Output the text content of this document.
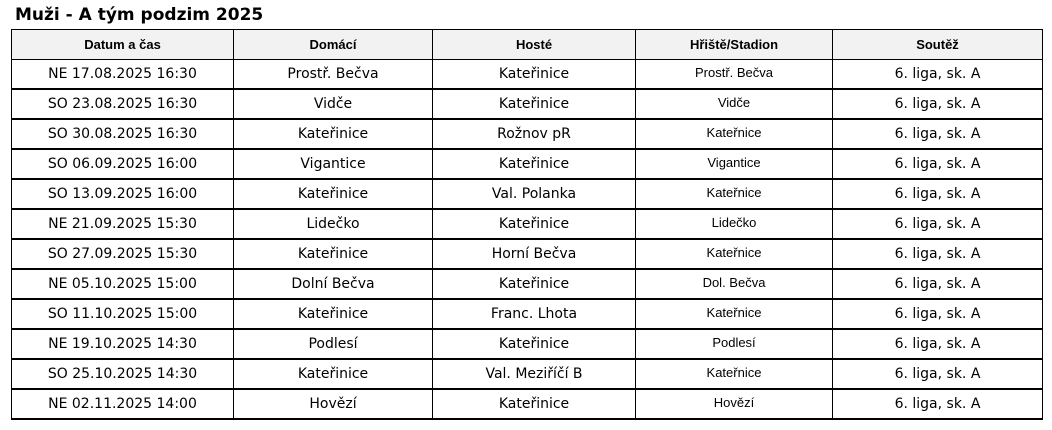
Muži - A tým podzim 2025
Datum a čas	Domácí	Hosté	Hřiště/Stadion	Soutěž
NE 17.08.2025 16:30	Prostř. Bečva	Kateřinice	Prostř. Bečva	6. liga, sk. A
SO 23.08.2025 16:30	Vidče	Kateřinice	Vidče	6. liga, sk. A
SO 30.08.2025 16:30	Kateřinice	Rožnov pR	Kateřnice	6. liga, sk. A
SO 06.09.2025 16:00	Vigantice	Kateřinice	Vigantice	6. liga, sk. A
SO 13.09.2025 16:00	Kateřinice	Val. Polanka	Kateřnice	6. liga, sk. A
NE 21.09.2025 15:30	Lidečko	Kateřinice	Lidečko	6. liga, sk. A
SO 27.09.2025 15:30	Kateřinice	Horní Bečva	Kateřnice	6. liga, sk. A
NE 05.10.2025 15:00	Dolní Bečva	Kateřinice	Dol. Bečva	6. liga, sk. A
SO 11.10.2025 15:00	Kateřinice	Franc. Lhota	Kateřnice	6. liga, sk. A
NE 19.10.2025 14:30	Podlesí	Kateřinice	Podlesí	6. liga, sk. A
SO 25.10.2025 14:30	Kateřinice	Val. Meziříčí B	Kateřnice	6. liga, sk. A
NE 02.11.2025 14:00	Hovězí	Kateřinice	Hovězí	6. liga, sk. A
